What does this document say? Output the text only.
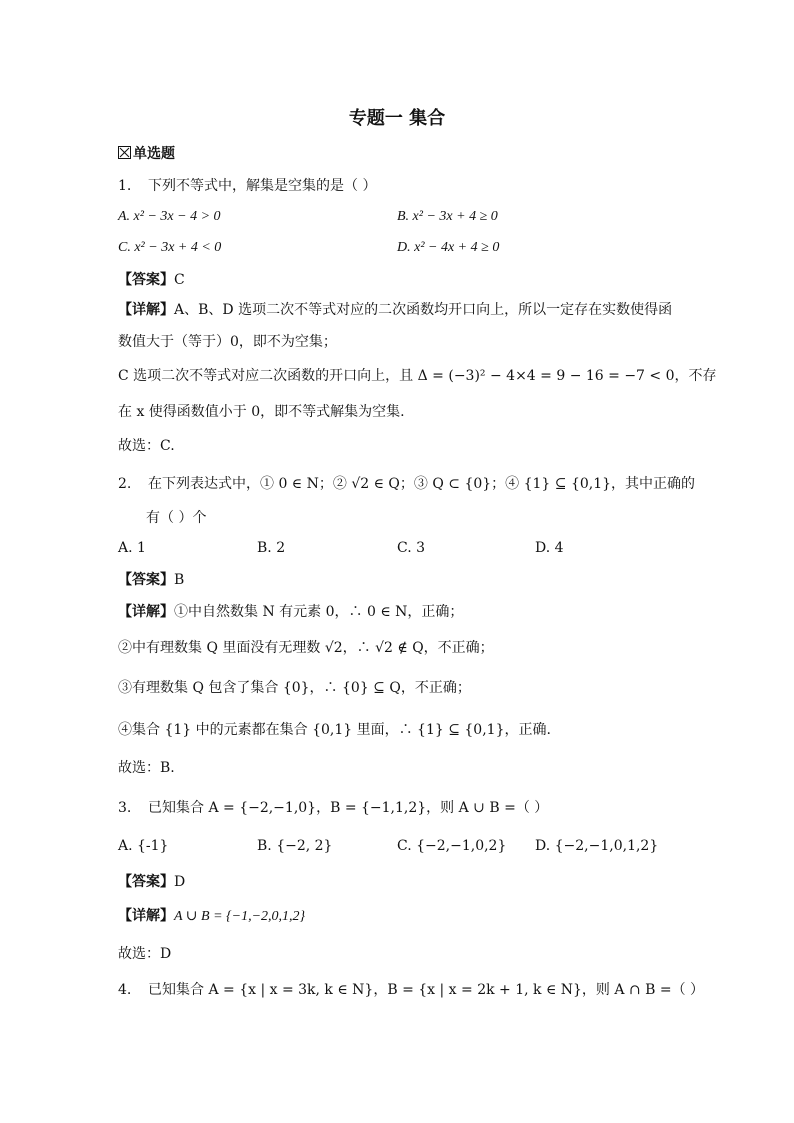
专题一 集合
单选题
1. 下列不等式中，解集是空集的是（ ）
A. x² − 3x − 4 > 0	B. x² − 3x + 4 ≥ 0
C. x² − 3x + 4 < 0	D. x² − 4x + 4 ≥ 0
【答案】C
【详解】A、B、D 选项二次不等式对应的二次函数均开口向上，所以一定存在实数使得函
数值大于（等于）0，即不为空集；
C 选项二次不等式对应二次函数的开口向上，且 Δ = (−3)² − 4×4 = 9 − 16 = −7 < 0，不存
在 x 使得函数值小于 0，即不等式解集为空集.
故选：C.
2. 在下列表达式中，① 0 ∈ N；② √2 ∈ Q；③ Q ⊂ {0}；④ {1} ⊆ {0,1}，其中正确的
有（ ）个
A. 1	B. 2	C. 3	D. 4
【答案】B
【详解】①中自然数集 N 有元素 0，∴ 0 ∈ N，正确；
②中有理数集 Q 里面没有无理数 √2，∴ √2 ∉ Q，不正确；
③有理数集 Q 包含了集合 {0}，∴ {0} ⊆ Q，不正确；
④集合 {1} 中的元素都在集合 {0,1} 里面，∴ {1} ⊆ {0,1}，正确.
故选：B.
3. 已知集合 A = {−2,−1,0}，B = {−1,1,2}，则 A ∪ B =（ ）
A. {-1}	B. {−2, 2}	C. {−2,−1,0,2} D. {−2,−1,0,1,2}
【答案】D
【详解】A ∪ B = {−1,−2,0,1,2}
故选：D
4. 已知集合 A = {x | x = 3k, k ∈ N}，B = {x | x = 2k + 1, k ∈ N}，则 A ∩ B =（ ）
